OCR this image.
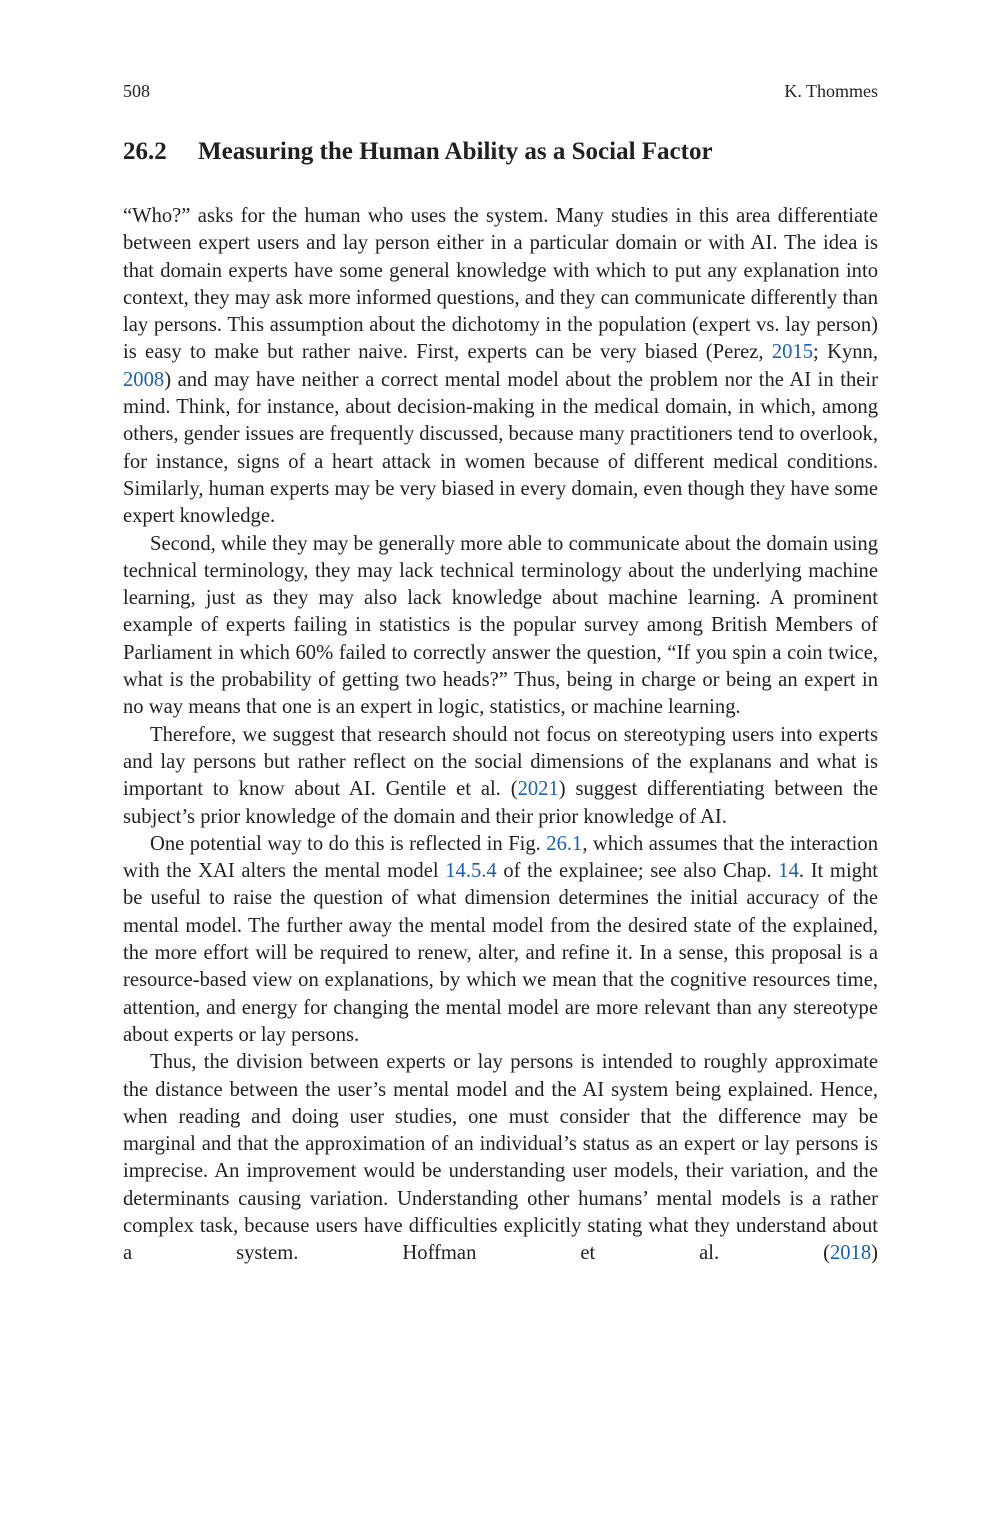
508	K. Thommes
26.2 Measuring the Human Ability as a Social Factor

“Who?” asks for the human who uses the system. Many studies in this area differentiate between expert users and lay person either in a particular domain or with AI. The idea is that domain experts have some general knowledge with which to put any explanation into context, they may ask more informed questions, and they can communicate differently than lay persons. This assumption about the dichotomy in the population (expert vs. lay person) is easy to make but rather naive. First, experts can be very biased (Perez, 2015; Kynn, 2008) and may have neither a correct mental model about the problem nor the AI in their mind. Think, for instance, about decision-making in the medical domain, in which, among others, gender issues are frequently discussed, because many practitioners tend to overlook, for instance, signs of a heart attack in women because of different medical conditions. Similarly, human experts may be very biased in every domain, even though they have some expert knowledge.

Second, while they may be generally more able to communicate about the domain using technical terminology, they may lack technical terminology about the underlying machine learning, just as they may also lack knowledge about machine learning. A prominent example of experts failing in statistics is the popular survey among British Members of Parliament in which 60% failed to correctly answer the question, “If you spin a coin twice, what is the probability of getting two heads?” Thus, being in charge or being an expert in no way means that one is an expert in logic, statistics, or machine learning.

Therefore, we suggest that research should not focus on stereotyping users into experts and lay persons but rather reflect on the social dimensions of the explanans and what is important to know about AI. Gentile et al. (2021) suggest differentiating between the subject’s prior knowledge of the domain and their prior knowledge of AI.

One potential way to do this is reflected in Fig. 26.1, which assumes that the interaction with the XAI alters the mental model 14.5.4 of the explainee; see also Chap. 14. It might be useful to raise the question of what dimension determines the initial accuracy of the mental model. The further away the mental model from the desired state of the explained, the more effort will be required to renew, alter, and refine it. In a sense, this proposal is a resource-based view on explanations, by which we mean that the cognitive resources time, attention, and energy for changing the mental model are more relevant than any stereotype about experts or lay persons.

Thus, the division between experts or lay persons is intended to roughly approximate the distance between the user’s mental model and the AI system being explained. Hence, when reading and doing user studies, one must consider that the difference may be marginal and that the approximation of an individual’s status as an expert or lay persons is imprecise. An improvement would be understanding user models, their variation, and the determinants causing variation. Understanding other humans’ mental models is a rather complex task, because users have difficulties explicitly stating what they understand about a system. Hoffman et al. (2018)
